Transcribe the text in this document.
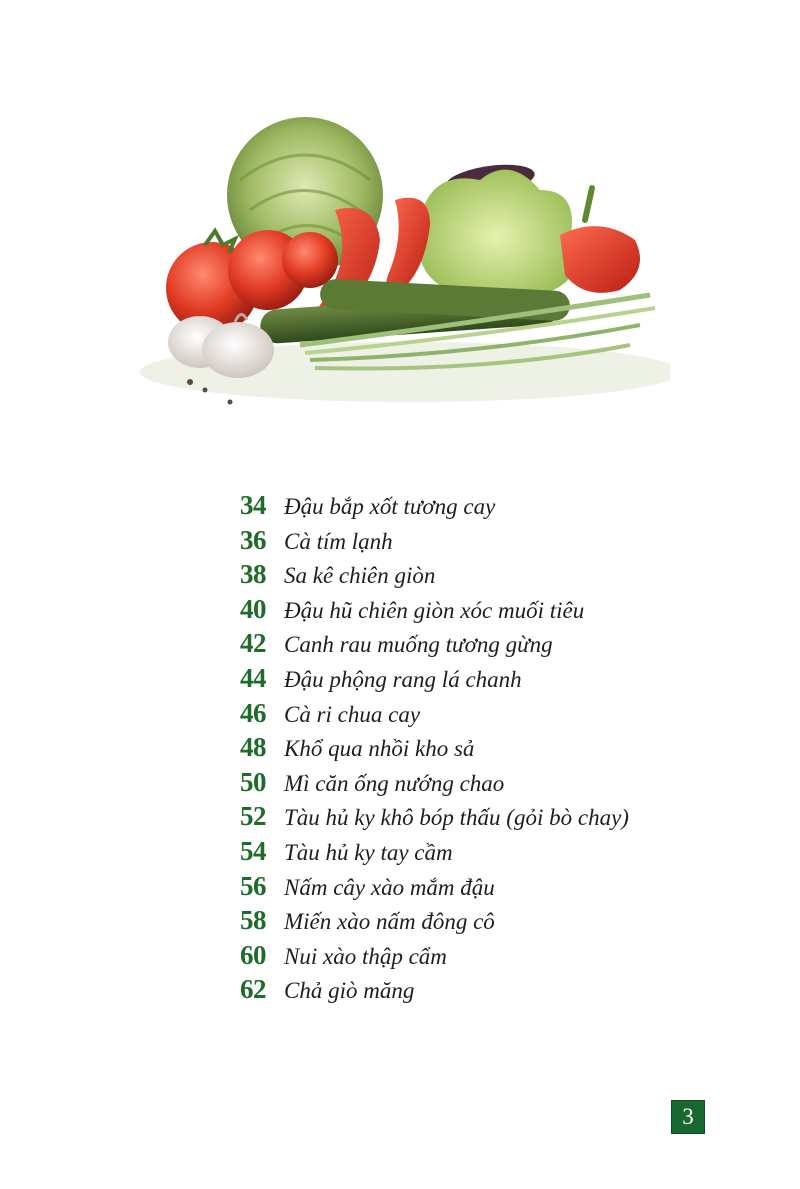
34 Đậu bắp xốt tương cay
36 Cà tím lạnh
38 Sa kê chiên giòn
40 Đậu hũ chiên giòn xóc muối tiêu
42 Canh rau muống tương gừng
44 Đậu phộng rang lá chanh
46 Cà ri chua cay
48 Khổ qua nhồi kho sả
50 Mì căn ống nướng chao
52 Tàu hủ ky khô bóp thấu (gỏi bò chay)
54 Tàu hủ ky tay cầm
56 Nấm cây xào mắm đậu
58 Miến xào nấm đông cô
60 Nui xào thập cẩm
62 Chả giò măng
3
